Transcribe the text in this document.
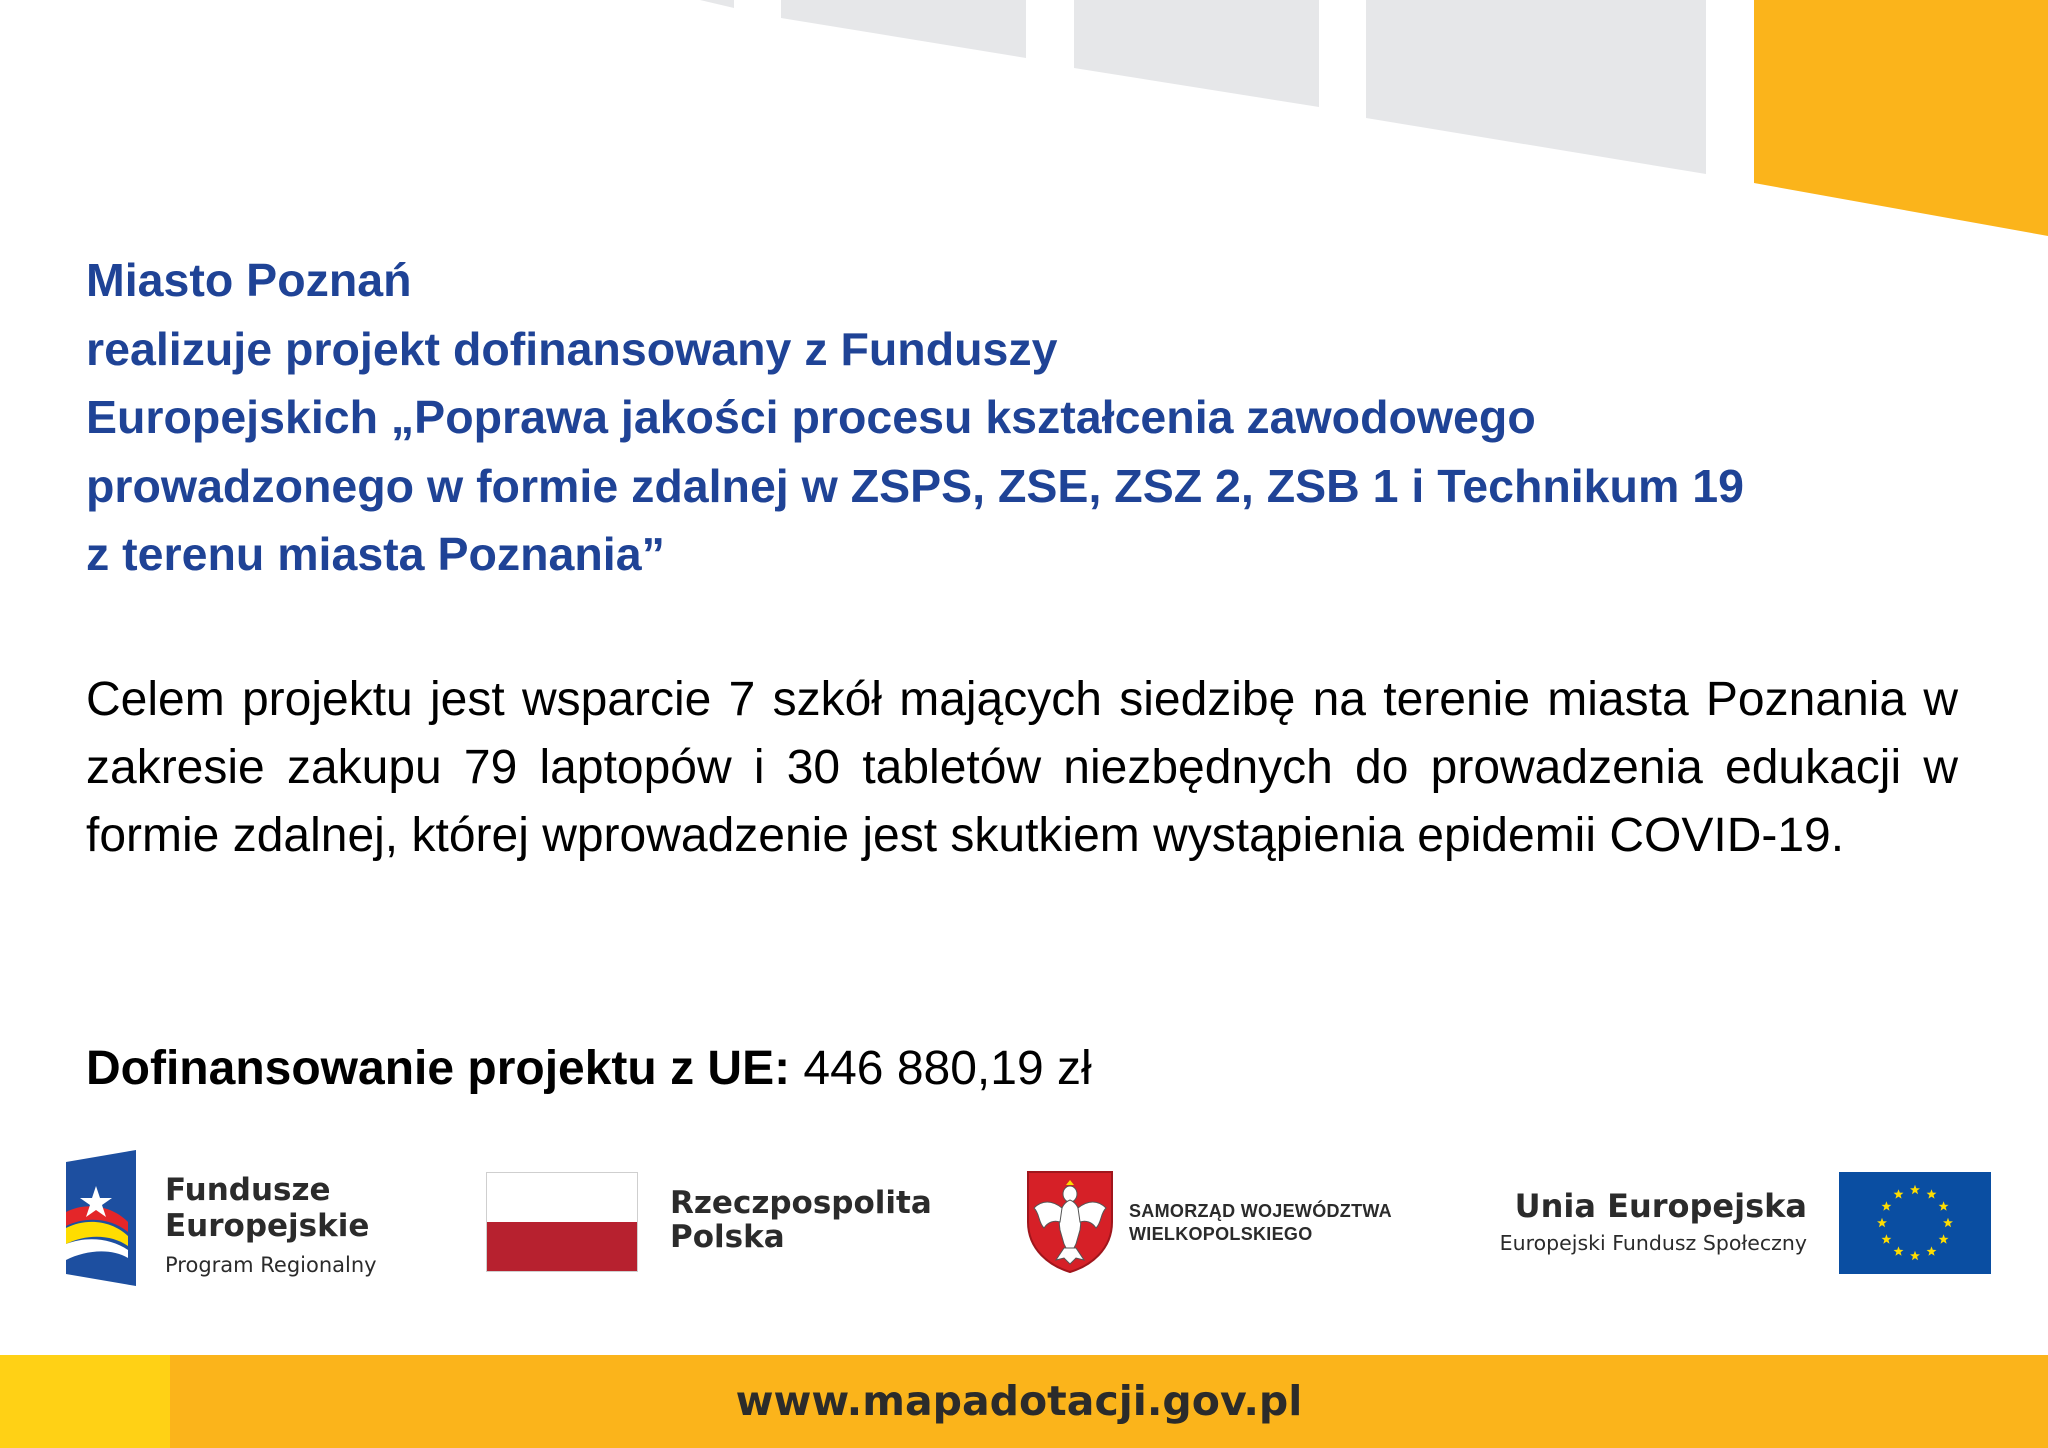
Miasto Poznań
realizuje projekt dofinansowany z Funduszy
Europejskich „Poprawa jakości procesu kształcenia zawodowego
prowadzonego w formie zdalnej w ZSPS, ZSE, ZSZ 2, ZSB 1 i Technikum 19
z terenu miasta Poznania”

Celem projektu jest wsparcie 7 szkół mających siedzibę na terenie miasta Poznania w zakresie zakupu 79 laptopów i 30 tabletów niezbędnych do prowadzenia edukacji w formie zdalnej, której wprowadzenie jest skutkiem wystąpienia epidemii COVID-19.

Dofinansowanie projektu z UE: 446 880,19 zł
Fundusze
Europejskie
Program Regionalny
Rzeczpospolita
Polska
SAMORZĄD WOJEWÓDZTWA
WIELKOPOLSKIEGO
Unia Europejska
Europejski Fundusz Społeczny
www.mapadotacji.gov.pl
